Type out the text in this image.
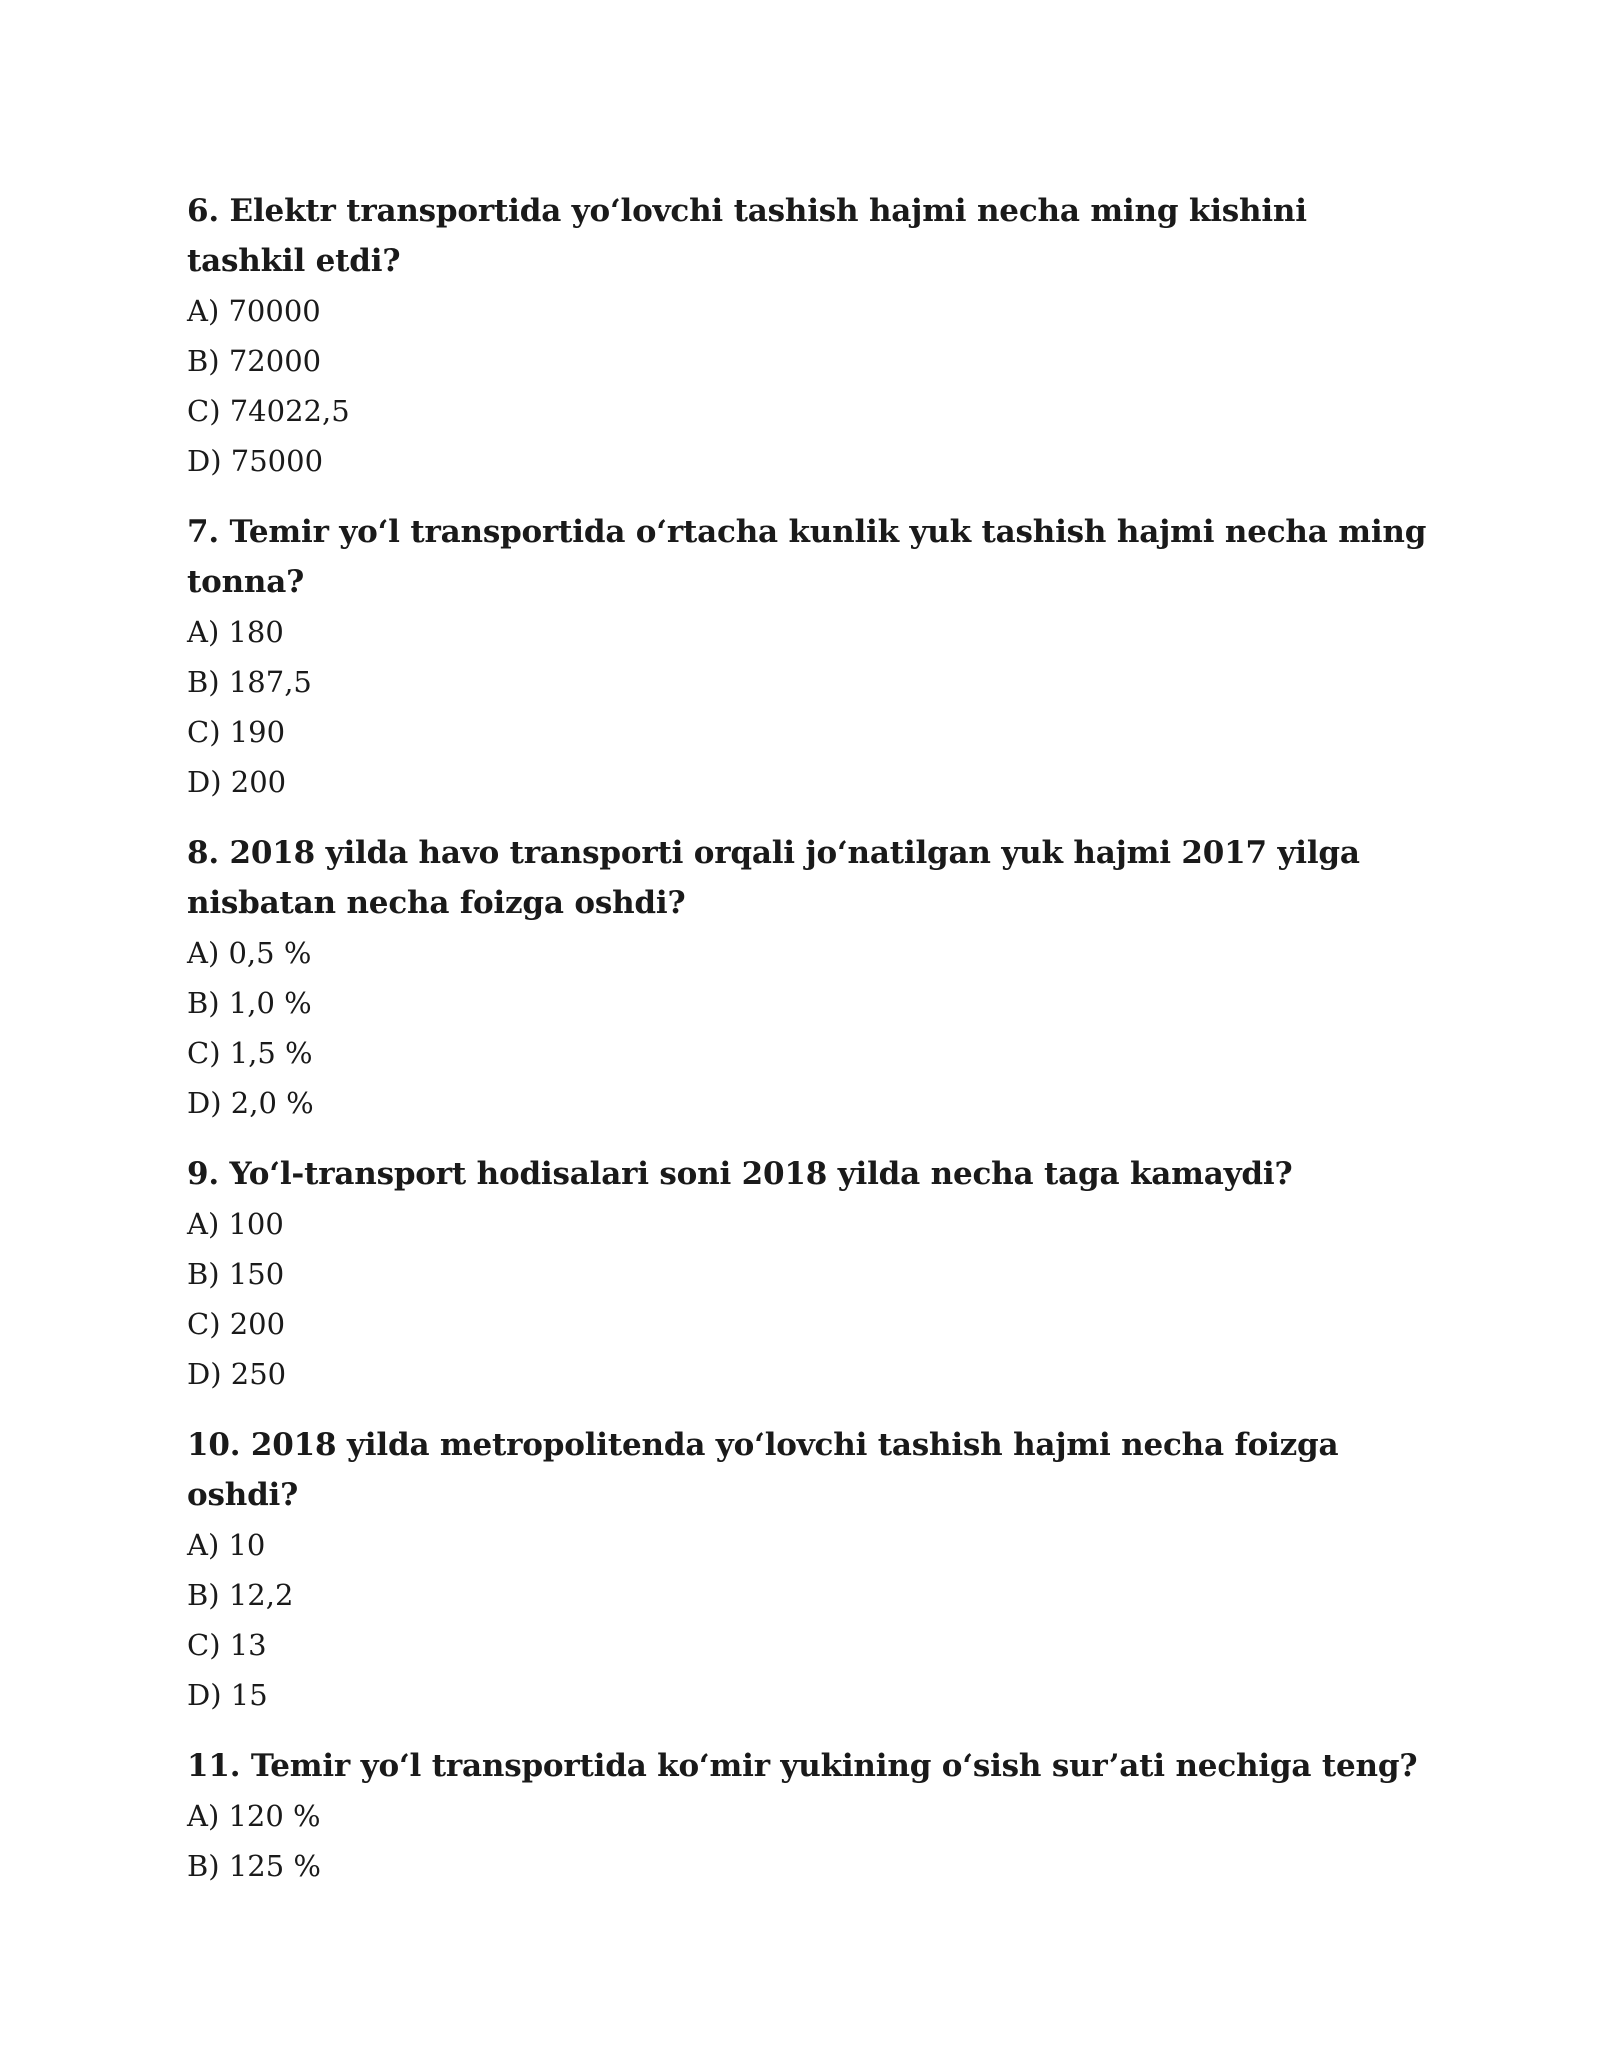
6. Elektr transportida yo‘lovchi tashish hajmi necha ming kishini tashkil etdi?

A) 70000
B) 72000
C) 74022,5
D) 75000

7. Temir yo‘l transportida o‘rtacha kunlik yuk tashish hajmi necha ming tonna?

A) 180
B) 187,5
C) 190
D) 200

8. 2018 yilda havo transporti orqali jo‘natilgan yuk hajmi 2017 yilga nisbatan necha foizga oshdi?

A) 0,5 %
B) 1,0 %
C) 1,5 %
D) 2,0 %

9. Yo‘l-transport hodisalari soni 2018 yilda necha taga kamaydi?

A) 100
B) 150
C) 200
D) 250

10. 2018 yilda metropolitenda yo‘lovchi tashish hajmi necha foizga oshdi?

A) 10
B) 12,2
C) 13
D) 15

11. Temir yo‘l transportida ko‘mir yukining o‘sish sur’ati nechiga teng?

A) 120 %
B) 125 %
